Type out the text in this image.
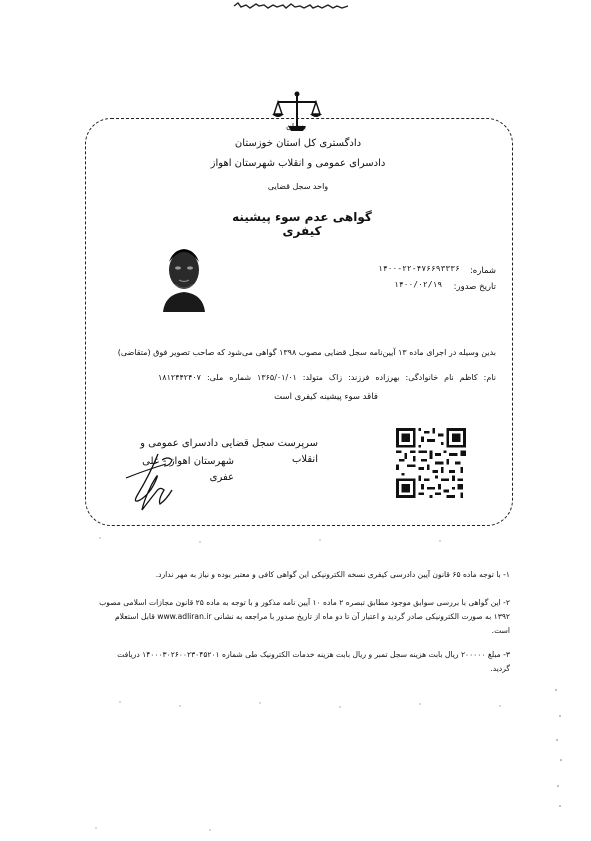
بنشان
دادگستری کل استان خوزستان
دادسرای عمومی و انقلاب شهرستان اهواز
واحد سجل قضایی
گواهی عدم سوء پیشینه کیفری
شماره:
۱۴۰۰-۲۲-۴۷۶۶۹۳۳۳۶
تاریخ صدور:
۱۴۰۰/۰۲/۱۹
بدین وسیله در اجرای ماده ۱۳ آیین‌نامه سجل قضایی مصوب ۱۳۹۸ گواهی می‌شود که صاحب تصویر فوق (متقاضی)
نام: کاظم نام خانوادگی: بهرزاده فرزند: زاک متولد: ۱۳۶۵/۰۱/۰۱ شماره ملی: ۱۸۱۲۴۴۲۴۰۷
فاقد سوء پیشینه کیفری است
سرپرست سجل قضایی دادسرای عمومی و انقلاب
شهرستان اهواز - علی عفری
۱- با توجه ماده ۶۵ قانون آیین دادرسی کیفری نسخه الکترونیکی این گواهی کافی و معتبر بوده و نیاز به مهر ندارد.
۲- این گواهی با بررسی سوابق موجود مطابق تبصره ۲ ماده ۱۰ آیین نامه مذکور و با توجه به ماده ۲۵ قانون مجازات اسلامی مصوب
۱۳۹۲ به صورت الکترونیکی صادر گردید و اعتبار آن تا دو ماه از تاریخ صدور با مراجعه به نشانی www.adliran.ir قابل استعلام
است.
۳- مبلغ ۲۰۰۰۰۰ ریال بابت هزینه سجل تمبر و ریال بابت هزینه خدمات الکترونیک طی شماره ۱۴۰۰۰۳۰۲۶۰۰۲۳۰۴۵۲۰۱ دریافت
گردید.
